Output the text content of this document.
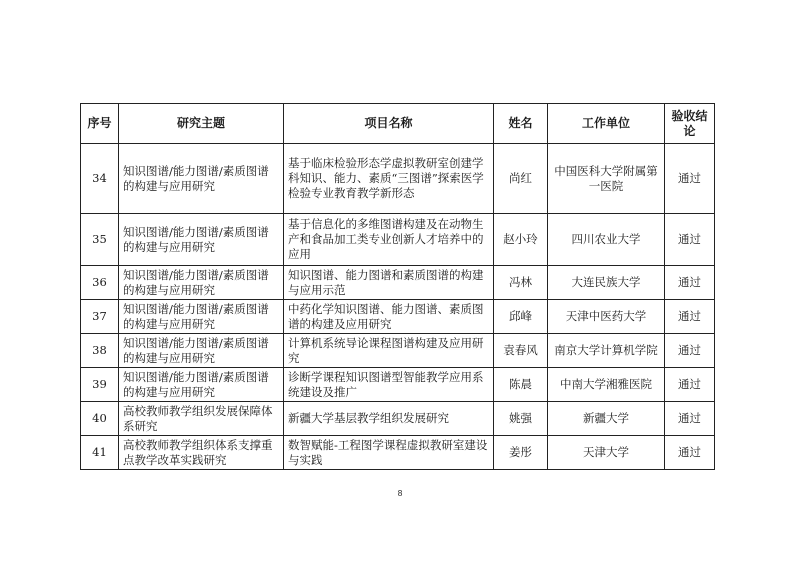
序号	研究主题	项目名称	姓名	工作单位	验收结论
34	知识图谱/能力图谱/素质图谱的构建与应用研究	基于临床检验形态学虚拟教研室创建学科知识、能力、素质“三图谱”探索医学检验专业教育教学新形态	尚红	中国医科大学附属第一医院	通过
35	知识图谱/能力图谱/素质图谱的构建与应用研究	基于信息化的多维图谱构建及在动物生产和食品加工类专业创新人才培养中的应用	赵小玲	四川农业大学	通过
36	知识图谱/能力图谱/素质图谱的构建与应用研究	知识图谱、能力图谱和素质图谱的构建与应用示范	冯林	大连民族大学	通过
37	知识图谱/能力图谱/素质图谱的构建与应用研究	中药化学知识图谱、能力图谱、素质图谱的构建及应用研究	邱峰	天津中医药大学	通过
38	知识图谱/能力图谱/素质图谱的构建与应用研究	计算机系统导论课程图谱构建及应用研究	袁春风	南京大学计算机学院	通过
39	知识图谱/能力图谱/素质图谱的构建与应用研究	诊断学课程知识图谱型智能教学应用系统建设及推广	陈晨	中南大学湘雅医院	通过
40	高校教师教学组织发展保障体系研究	新疆大学基层教学组织发展研究	姚强	新疆大学	通过
41	高校教师教学组织体系支撑重点教学改革实践研究	数智赋能-工程图学课程虚拟教研室建设与实践	姜彤	天津大学	通过
8
